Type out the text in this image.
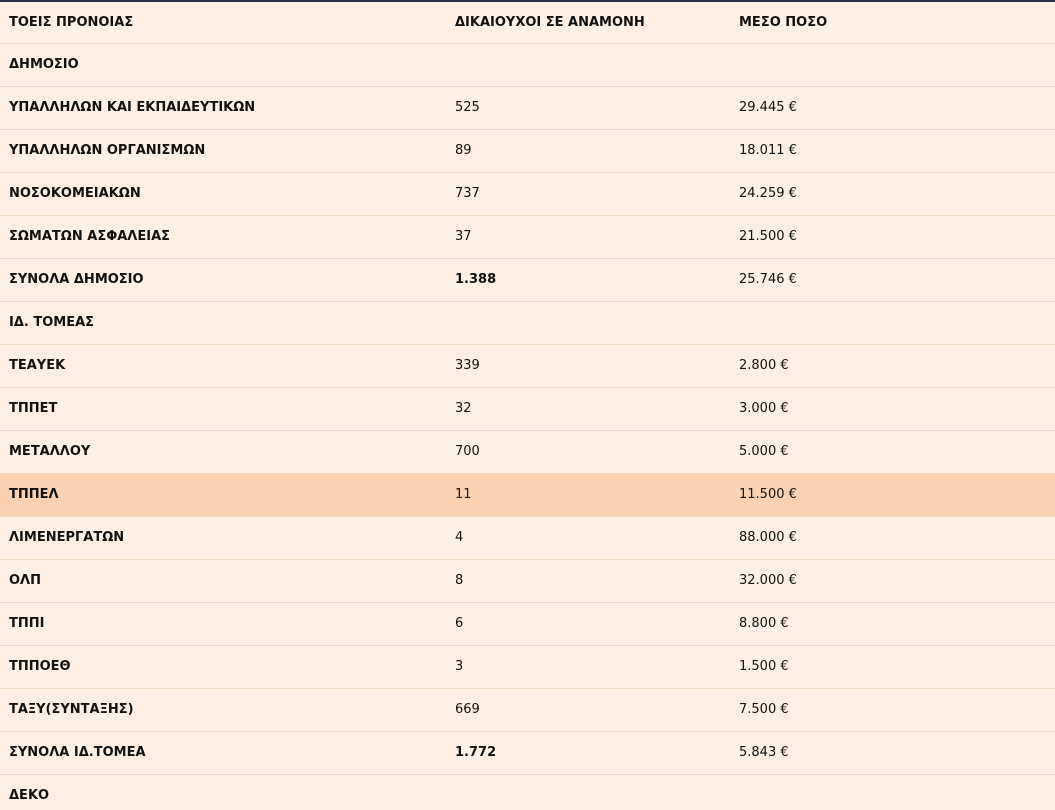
ΤΟΕΙΣ ΠΡΟΝΟΙΑΣ	ΔΙΚΑΙΟΥΧΟΙ ΣΕ ΑΝΑΜΟΝΗ	ΜΕΣΟ ΠΟΣΟ
ΔΗΜΟΣΙΟ		
ΥΠΑΛΛΗΛΩΝ ΚΑΙ ΕΚΠΑΙΔΕΥΤΙΚΩΝ	525	29.445 €
ΥΠΑΛΛΗΛΩΝ ΟΡΓΑΝΙΣΜΩΝ	89	18.011 €
ΝΟΣΟΚΟΜΕΙΑΚΩΝ	737	24.259 €
ΣΩΜΑΤΩΝ ΑΣΦΑΛΕΙΑΣ	37	21.500 €
ΣΥΝΟΛΑ ΔΗΜΟΣΙΟ	1.388	25.746 €
ΙΔ. ΤΟΜΕΑΣ		
ΤΕΑΥΕΚ	339	2.800 €
ΤΠΠΕΤ	32	3.000 €
ΜΕΤΑΛΛΟΥ	700	5.000 €
ΤΠΠΕΛ	11	11.500 €
ΛΙΜΕΝΕΡΓΑΤΩΝ	4	88.000 €
ΟΛΠ	8	32.000 €
ΤΠΠΙ	6	8.800 €
ΤΠΠΟΕΘ	3	1.500 €
ΤΑΞΥ(ΣΥΝΤΑΞΗΣ)	669	7.500 €
ΣΥΝΟΛΑ ΙΔ.ΤΟΜΕΑ	1.772	5.843 €
ΔΕΚΟ		
